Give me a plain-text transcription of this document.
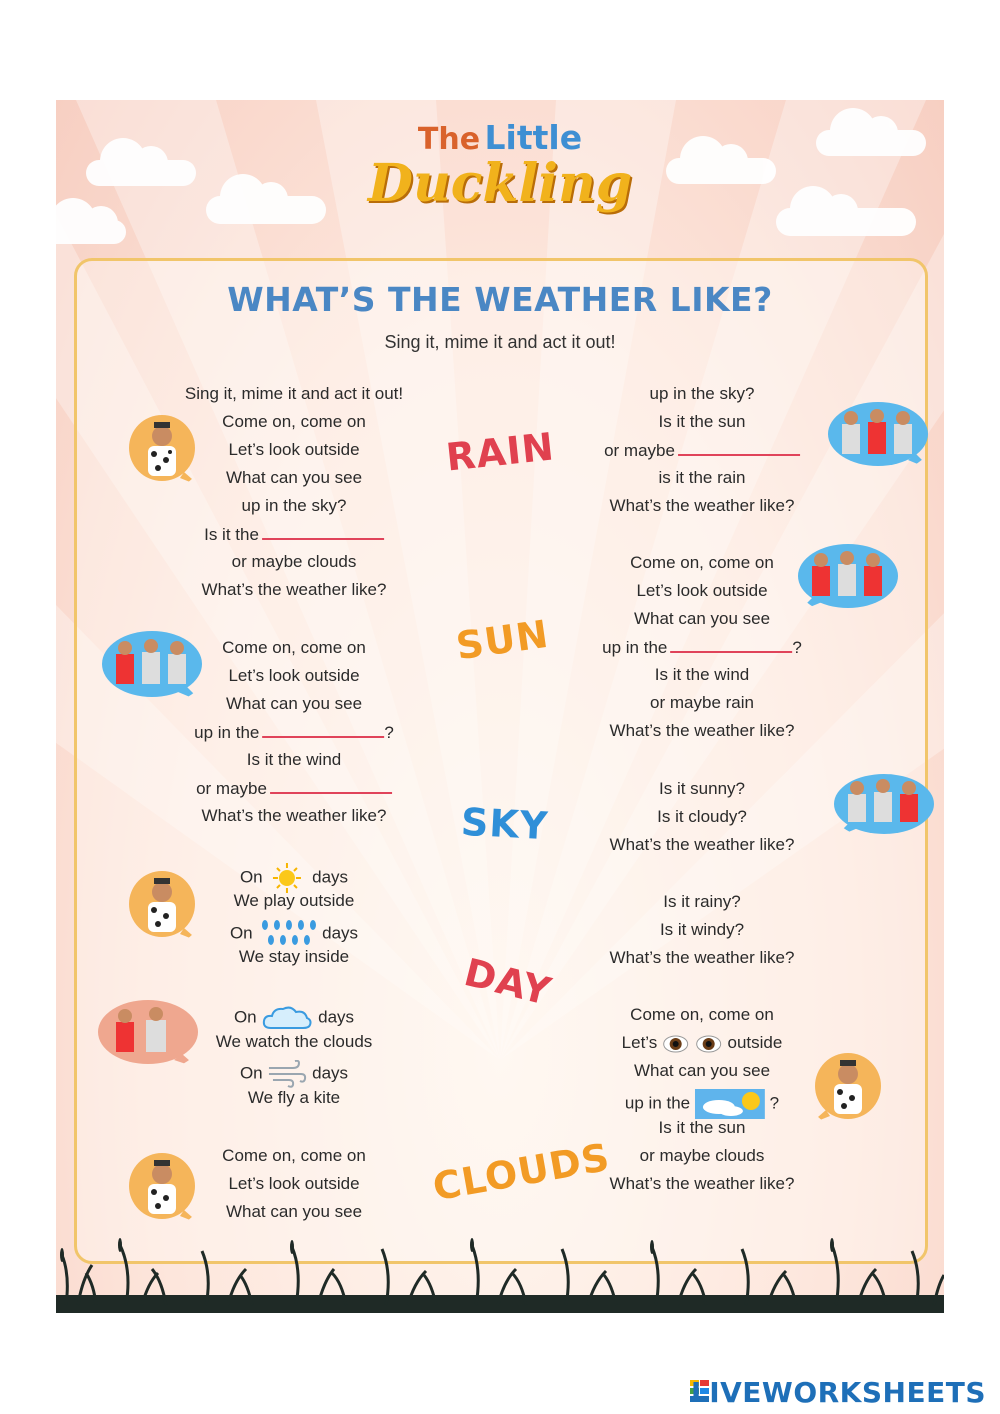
The Little
Duckling
WHAT’S THE WEATHER LIKE?
Sing it, mime it and act it out!
RAIN
SUN
SKY
DAY
CLOUDS
Sing it, mime it and act it out!
Come on, come on
Let’s look outside
What can you see
up in the sky?
Is it the
or maybe clouds
What’s the weather like?
Come on, come on
Let’s look outside
What can you see
up in the	?
Is it the wind
or maybe
What’s the weather like?
On	days
We play outside
On	days
We stay inside
On	days
We watch the clouds
On	days
We fly a kite
Come on, come on
Let’s look outside
What can you see
up in the sky?
Is it the sun
or maybe
is it the rain
What’s the weather like?
Come on, come on
Let’s look outside
What can you see
up in the	?
Is it the wind
or maybe rain
What’s the weather like?
Is it sunny?
Is it cloudy?
What’s the weather like?
Is it rainy?
Is it windy?
What’s the weather like?
Come on, come on
Let’s	outside
What can you see
up in the	?
Is it the sun
or maybe clouds
What’s the weather like?
LIVEWORKSHEETS
